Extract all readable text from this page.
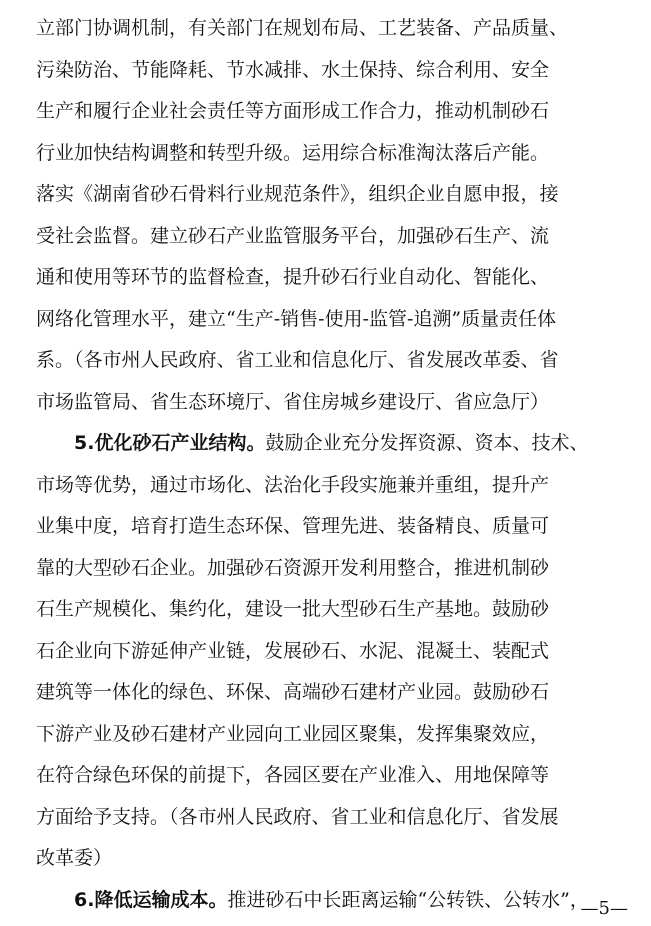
立部门协调机制，有关部门在规划布局、工艺装备、产品质量、
污染防治、节能降耗、节水减排、水土保持、综合利用、安全
生产和履行企业社会责任等方面形成工作合力，推动机制砂石
行业加快结构调整和转型升级。运用综合标准淘汰落后产能。
落实《湖南省砂石骨料行业规范条件》，组织企业自愿申报，接
受社会监督。建立砂石产业监管服务平台，加强砂石生产、流
通和使用等环节的监督检查，提升砂石行业自动化、智能化、
网络化管理水平，建立“生产-销售-使用-监管-追溯”质量责任体
系。（各市州人民政府、省工业和信息化厅、省发展改革委、省
市场监管局、省生态环境厅、省住房城乡建设厅、省应急厅）
5.优化砂石产业结构。鼓励企业充分发挥资源、资本、技术、
市场等优势，通过市场化、法治化手段实施兼并重组，提升产
业集中度，培育打造生态环保、管理先进、装备精良、质量可
靠的大型砂石企业。加强砂石资源开发利用整合，推进机制砂
石生产规模化、集约化，建设一批大型砂石生产基地。鼓励砂
石企业向下游延伸产业链，发展砂石、水泥、混凝土、装配式
建筑等一体化的绿色、环保、高端砂石建材产业园。鼓励砂石
下游产业及砂石建材产业园向工业园区聚集，发挥集聚效应，
在符合绿色环保的前提下，各园区要在产业准入、用地保障等
方面给予支持。（各市州人民政府、省工业和信息化厅、省发展
改革委）
—5—
6.降低运输成本。推进砂石中长距离运输“公转铁、公转水”，
